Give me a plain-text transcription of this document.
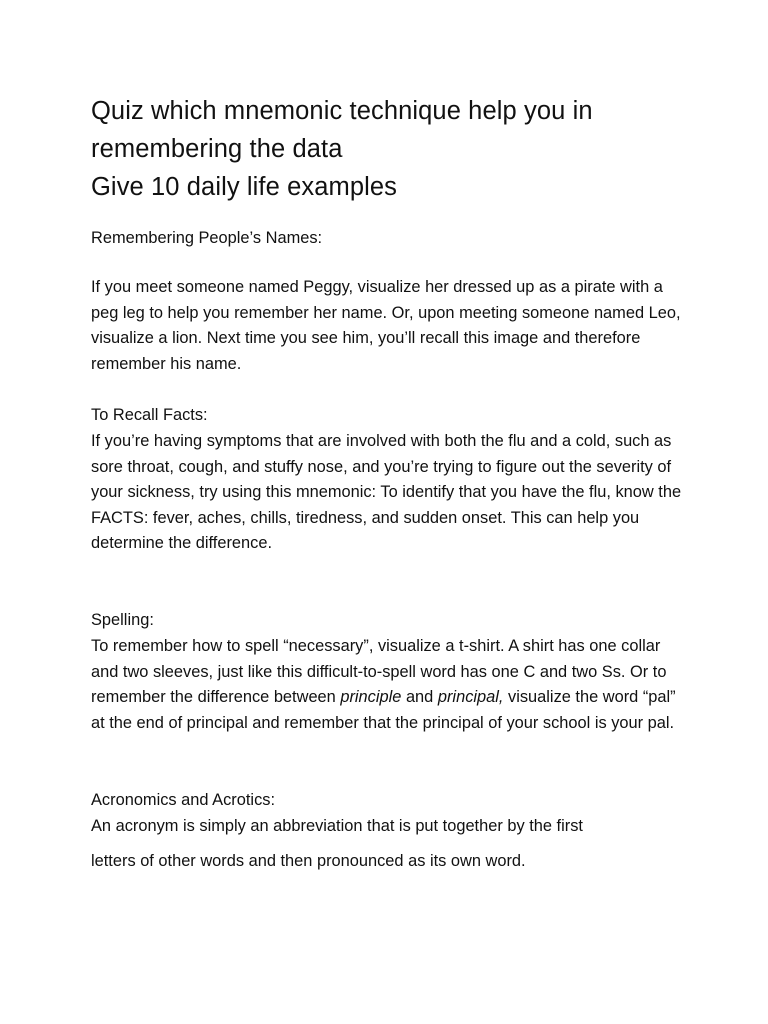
Quiz which mnemonic technique help you in
remembering the data
Give 10 daily life examples

Remembering People’s Names:

If you meet someone named Peggy, visualize her dressed up as a pirate with a peg leg to help you remember her name. Or, upon meeting someone named Leo, visualize a lion. Next time you see him, you’ll recall this image and therefore remember his name.

To Recall Facts:

If you’re having symptoms that are involved with both the flu and a cold, such as sore throat, cough, and stuffy nose, and you’re trying to figure out the severity of your sickness, try using this mnemonic: To identify that you have the flu, know the FACTS: fever, aches, chills, tiredness, and sudden onset. This can help you determine the difference.

Spelling:

To remember how to spell “necessary”, visualize a t-shirt. A shirt has one collar and two sleeves, just like this difficult-to-spell word has one C and two Ss. Or to remember the difference between principle and principal, visualize the word “pal” at the end of principal and remember that the principal of your school is your pal.

Acronomics and Acrotics:

An acronym is simply an abbreviation that is put together by the first

letters of other words and then pronounced as its own word.
